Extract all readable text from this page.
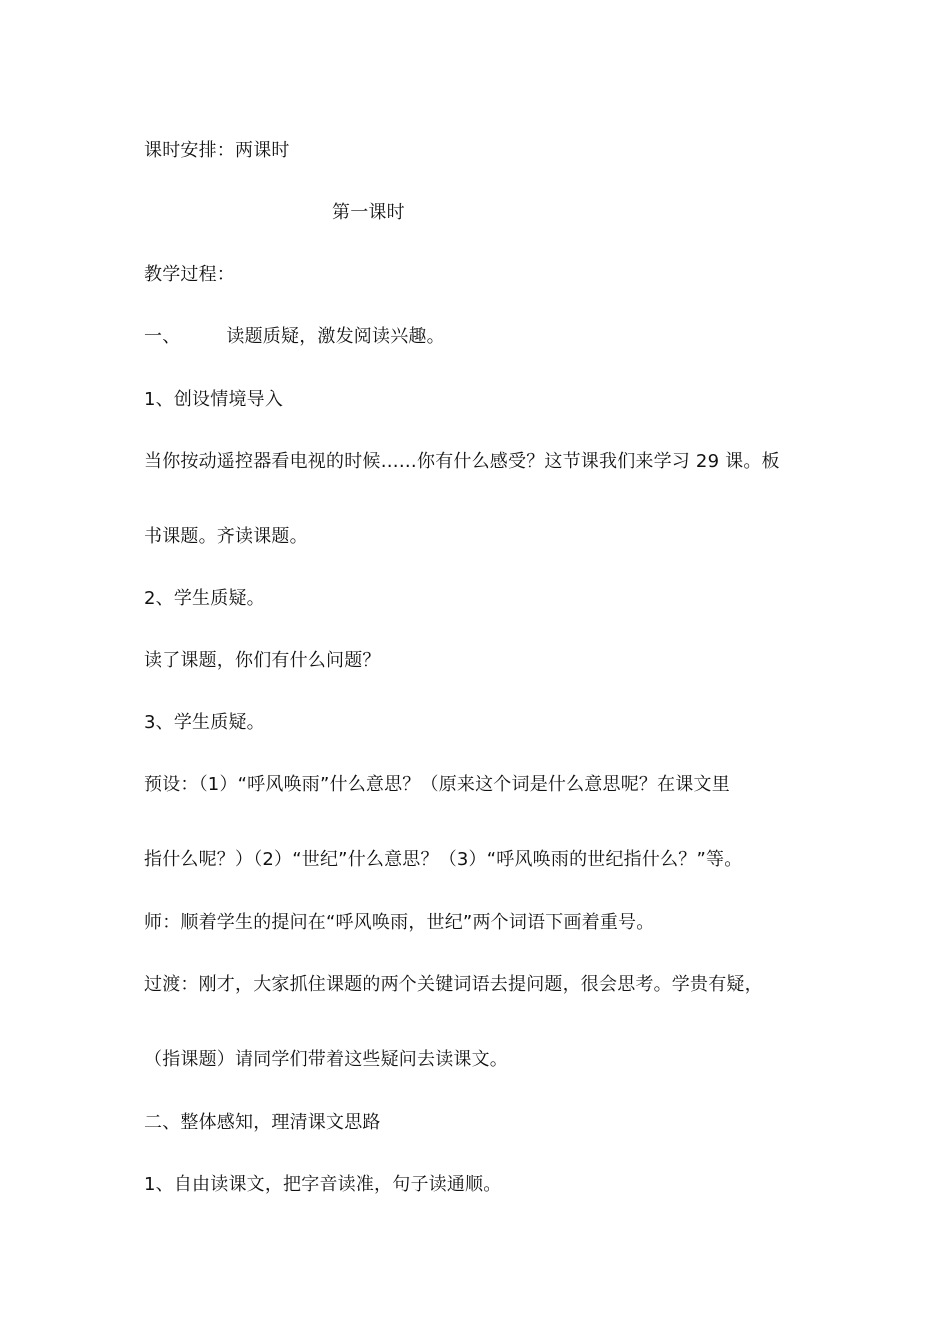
课时安排：两课时
第一课时
教学过程：
一、	读题质疑，激发阅读兴趣。
1、创设情境导入
当你按动遥控器看电视的时候……你有什么感受？这节课我们来学习 29 课。板
书课题。齐读课题。
2、学生质疑。
读了课题，你们有什么问题？
3、学生质疑。
预设：（1）“呼风唤雨”什么意思？（原来这个词是什么意思呢？在课文里
指什么呢？）（2）“世纪”什么意思？（3）“呼风唤雨的世纪指什么？”等。
师：顺着学生的提问在“呼风唤雨，世纪”两个词语下画着重号。
过渡：刚才，大家抓住课题的两个关键词语去提问题，很会思考。学贵有疑，
（指课题）请同学们带着这些疑问去读课文。
二、整体感知，理清课文思路
1、自由读课文，把字音读准，句子读通顺。
